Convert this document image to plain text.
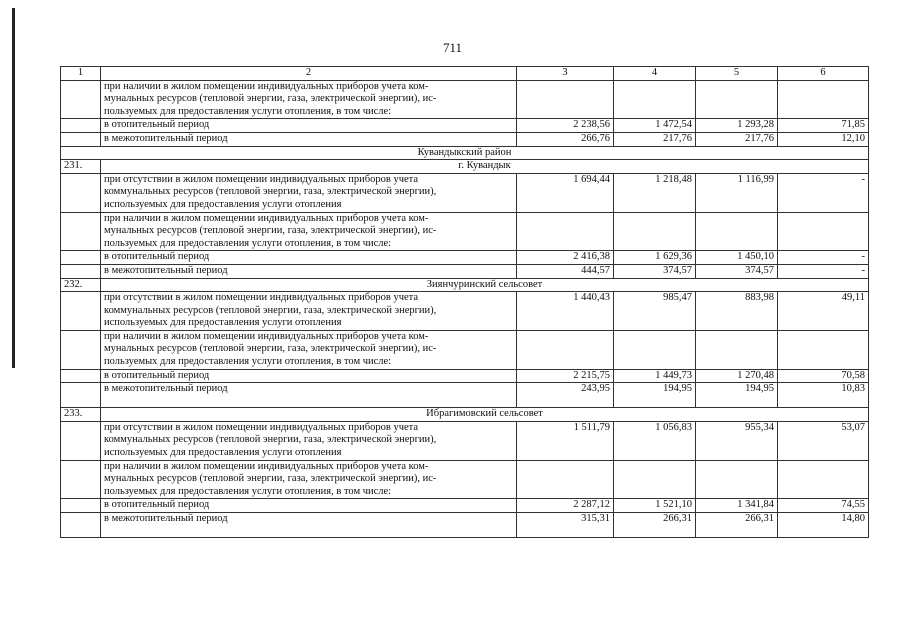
711
1	2	3	4	5	6

	при наличии в жилом помещении индивидуальных приборов учета ком-
мунальных ресурсов (тепловой энергии, газа, электрической энергии), ис-
пользуемых для предоставления услуги отопления, в том числе:				

	в отопительный период	2 238,56	1 472,54	1 293,28	71,85
	в межотопительный период	266,76	217,76	217,76	12,10
Кувандыкский район					
231.	г. Кувандык				

	при отсутствии в жилом помещении индивидуальных приборов учета
коммунальных ресурсов (тепловой энергии, газа, электрической энергии),
используемых для предоставления услуги отопления	1 694,44	1 218,48	1 116,99	-

	при наличии в жилом помещении индивидуальных приборов учета ком-
мунальных ресурсов (тепловой энергии, газа, электрической энергии), ис-
пользуемых для предоставления услуги отопления, в том числе:				

	в отопительный период	2 416,38	1 629,36	1 450,10	-
	в межотопительный период	444,57	374,57	374,57	-
232.	Зиянчуринский сельсовет				

	при отсутствии в жилом помещении индивидуальных приборов учета
коммунальных ресурсов (тепловой энергии, газа, электрической энергии),
используемых для предоставления услуги отопления	1 440,43	985,47	883,98	49,11

	при наличии в жилом помещении индивидуальных приборов учета ком-
мунальных ресурсов (тепловой энергии, газа, электрической энергии), ис-
пользуемых для предоставления услуги отопления, в том числе:				

	в отопительный период	2 215,75	1 449,73	1 270,48	70,58
	в межотопительный период	243,95	194,95	194,95	10,83
233.	Ибрагимовский сельсовет				

	при отсутствии в жилом помещении индивидуальных приборов учета
коммунальных ресурсов (тепловой энергии, газа, электрической энергии),
используемых для предоставления услуги отопления	1 511,79	1 056,83	955,34	53,07

	при наличии в жилом помещении индивидуальных приборов учета ком-
мунальных ресурсов (тепловой энергии, газа, электрической энергии), ис-
пользуемых для предоставления услуги отопления, в том числе:				

	в отопительный период	2 287,12	1 521,10	1 341,84	74,55
	в межотопительный период	315,31	266,31	266,31	14,80
